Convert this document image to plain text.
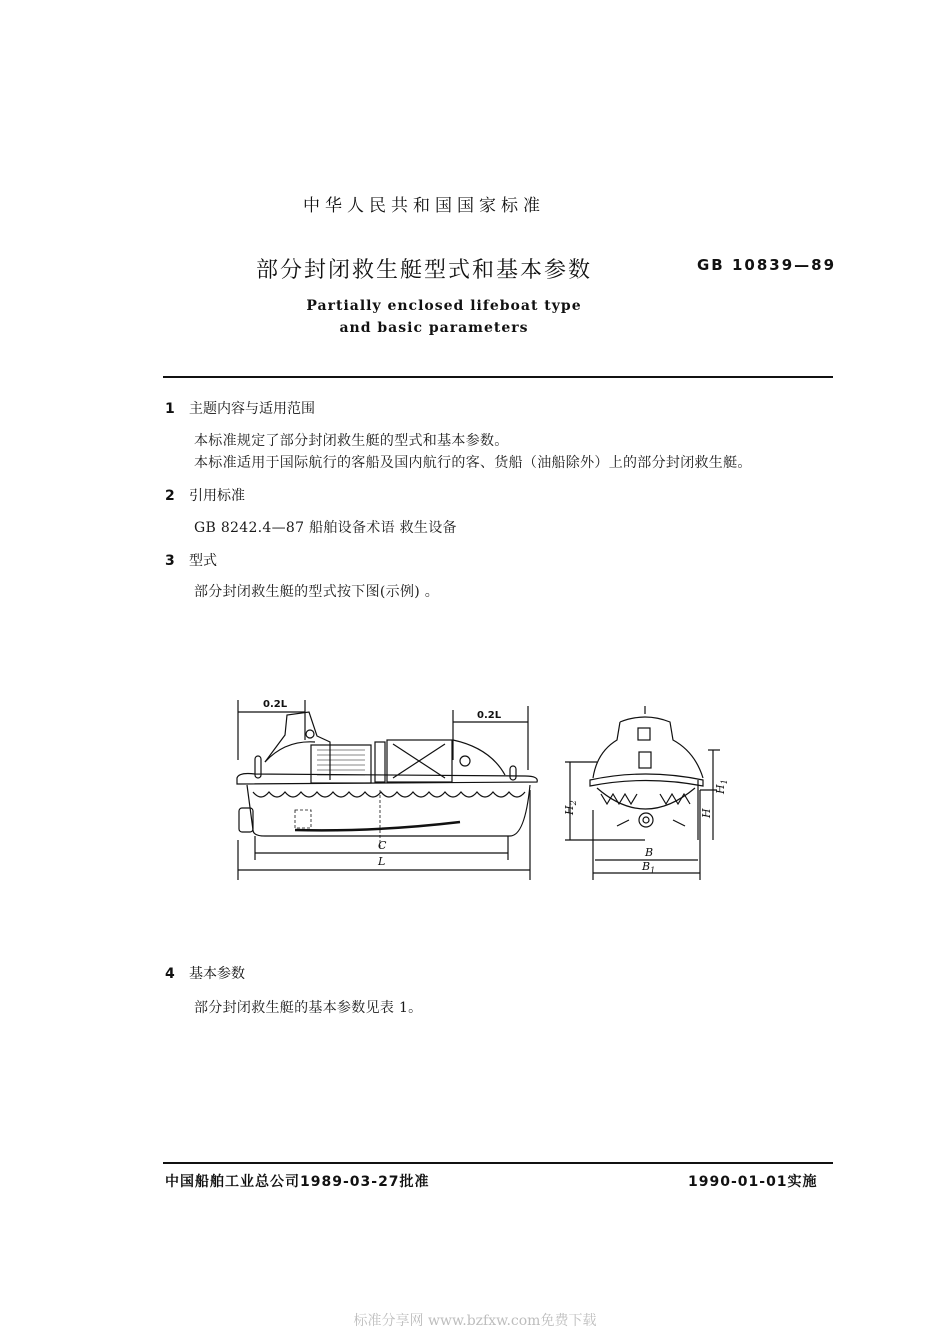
中华人民共和国国家标准
部分封闭救生艇型式和基本参数	GB 10839—89
Partially enclosed lifeboat type
and basic parameters
1 主题内容与适用范围
本标准规定了部分封闭救生艇的型式和基本参数。
本标准适用于国际航行的客船及国内航行的客、货船（油船除外）上的部分封闭救生艇。
2 引用标准
GB 8242.4—87 船舶设备术语 救生设备
3 型式
部分封闭救生艇的型式按下图(示例) 。
0.2L
0.2L
C
L
B
$B_1$
$H_2$
H
$H_1$
4 基本参数
部分封闭救生艇的基本参数见表 1。
中国船舶工业总公司1989-03-27批准	1990-01-01实施
标准分享网 www.bzfxw.com免费下载
